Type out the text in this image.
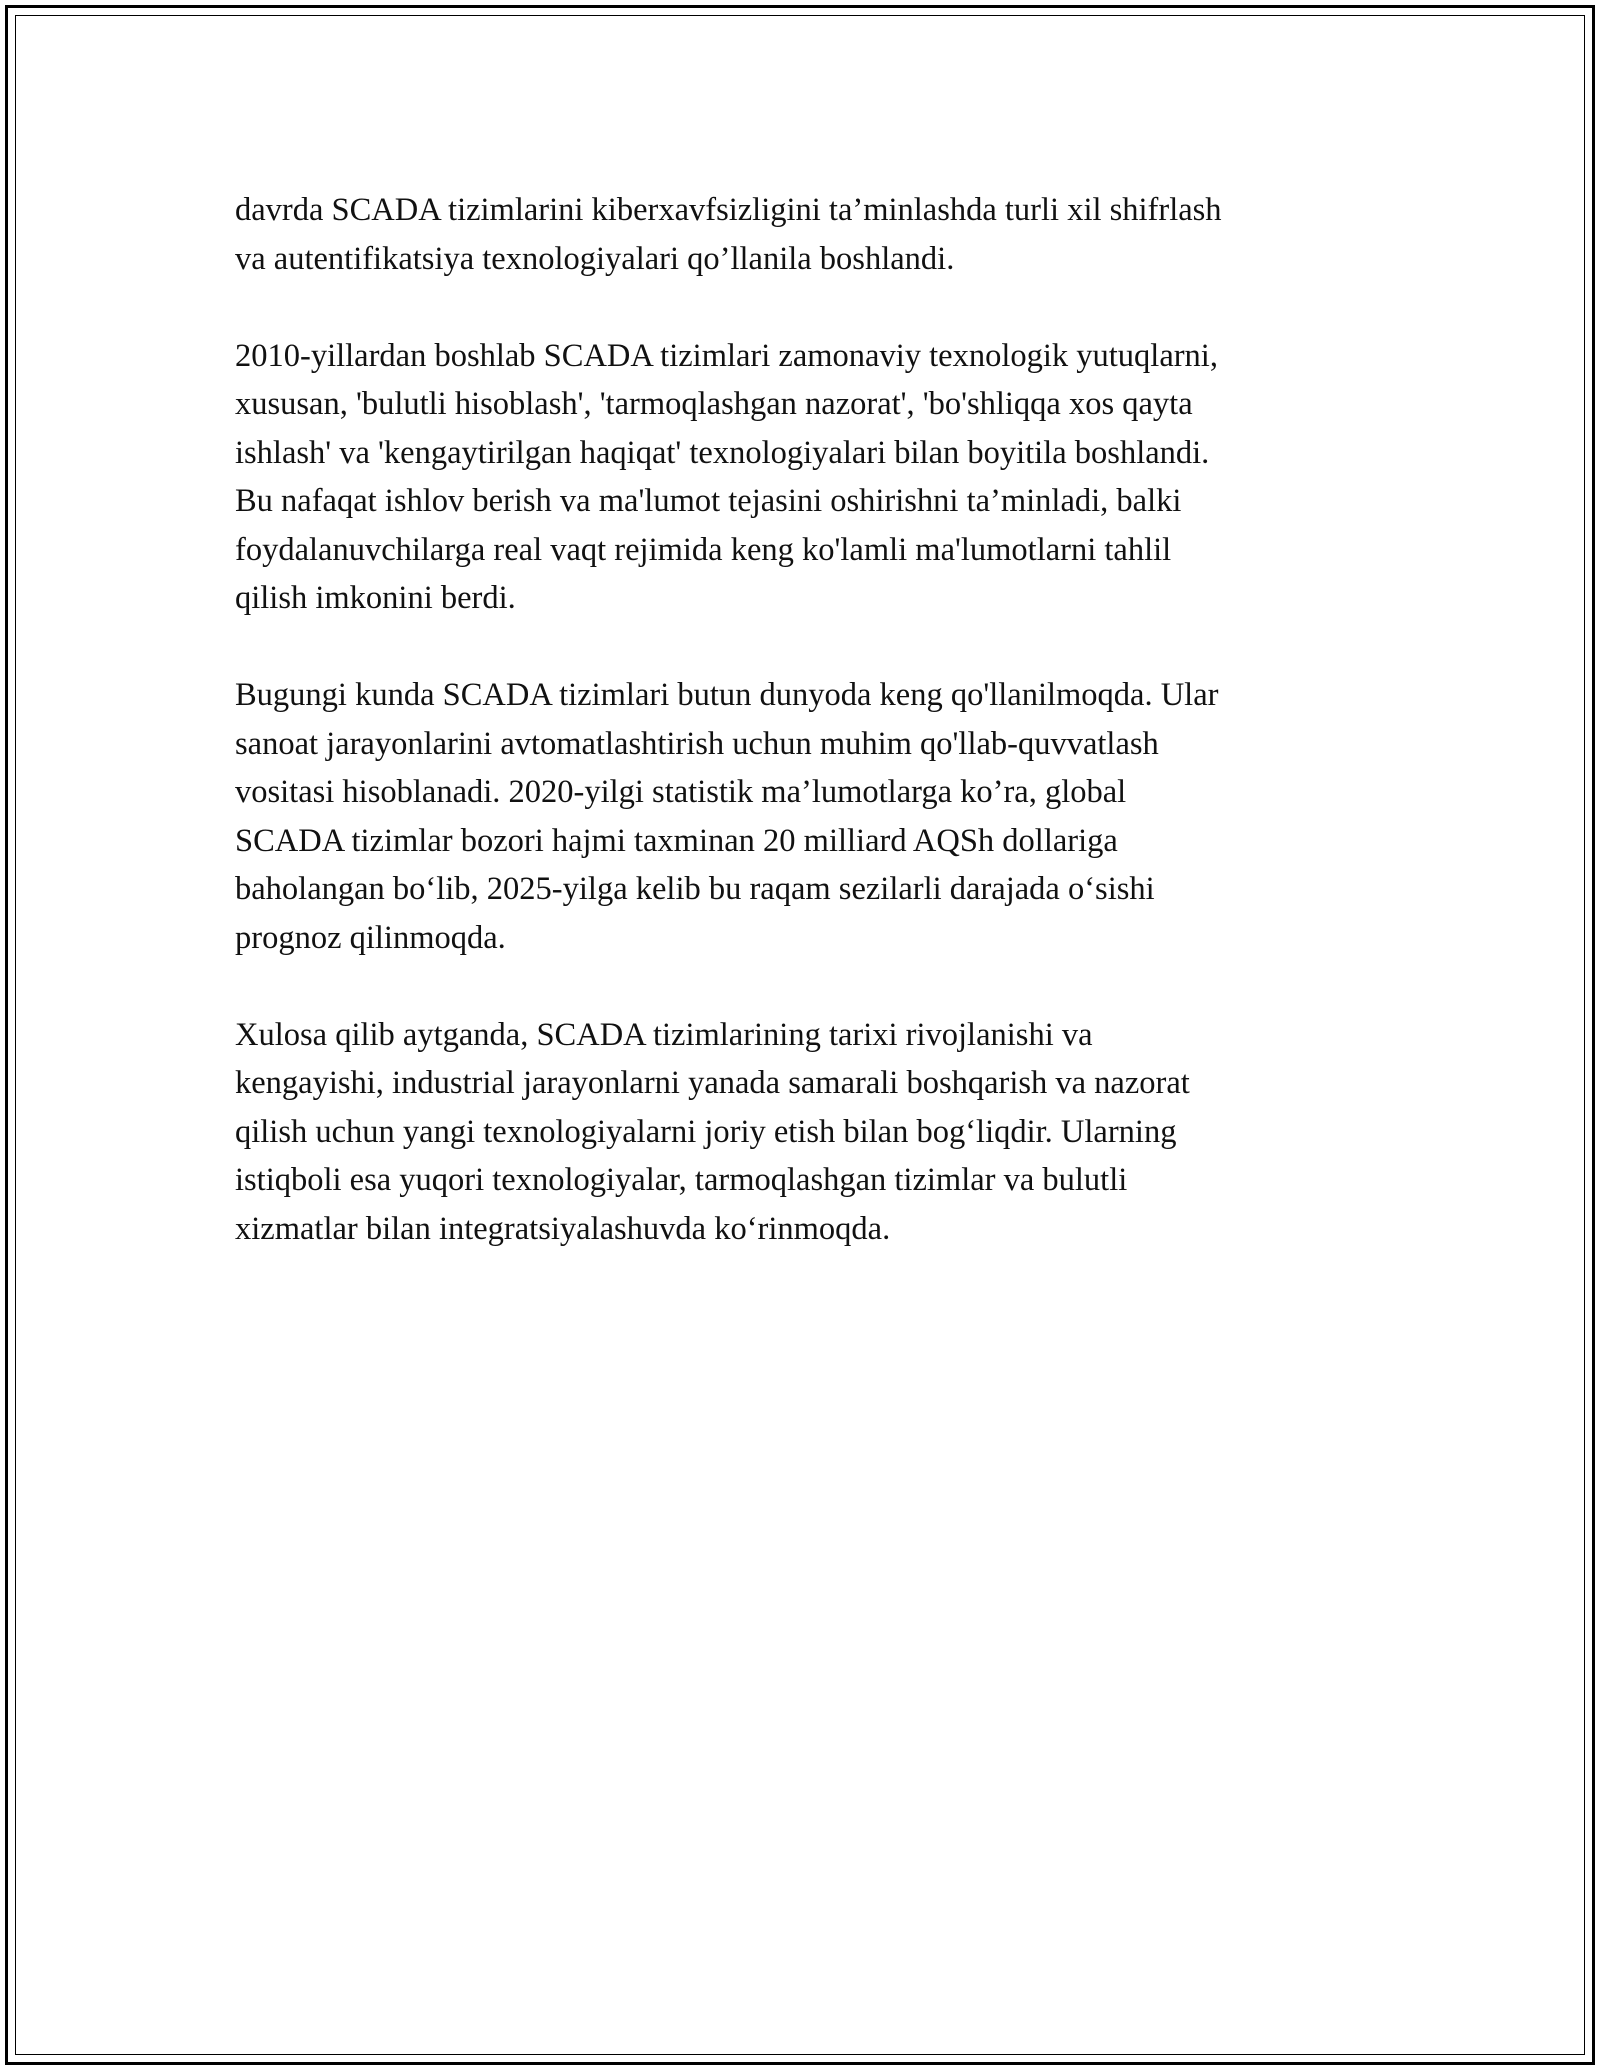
davrda SCADA tizimlarini kiberxavfsizligini ta’minlashda turli xil shifrlash
va autentifikatsiya texnologiyalari qo’llanila boshlandi.

2010-yillardan boshlab SCADA tizimlari zamonaviy texnologik yutuqlarni,
xususan, 'bulutli hisoblash', 'tarmoqlashgan nazorat', 'bo'shliqqa xos qayta
ishlash' va 'kengaytirilgan haqiqat' texnologiyalari bilan boyitila boshlandi.
Bu nafaqat ishlov berish va ma'lumot tejasini oshirishni ta’minladi, balki
foydalanuvchilarga real vaqt rejimida keng ko'lamli ma'lumotlarni tahlil
qilish imkonini berdi.

Bugungi kunda SCADA tizimlari butun dunyoda keng qo'llanilmoqda. Ular
sanoat jarayonlarini avtomatlashtirish uchun muhim qo'llab-quvvatlash
vositasi hisoblanadi. 2020-yilgi statistik ma’lumotlarga ko’ra, global
SCADA tizimlar bozori hajmi taxminan 20 milliard AQSh dollariga
baholangan bo‘lib, 2025-yilga kelib bu raqam sezilarli darajada o‘sishi
prognoz qilinmoqda.

Xulosa qilib aytganda, SCADA tizimlarining tarixi rivojlanishi va
kengayishi, industrial jarayonlarni yanada samarali boshqarish va nazorat
qilish uchun yangi texnologiyalarni joriy etish bilan bog‘liqdir. Ularning
istiqboli esa yuqori texnologiyalar, tarmoqlashgan tizimlar va bulutli
xizmatlar bilan integratsiyalashuvda ko‘rinmoqda.
